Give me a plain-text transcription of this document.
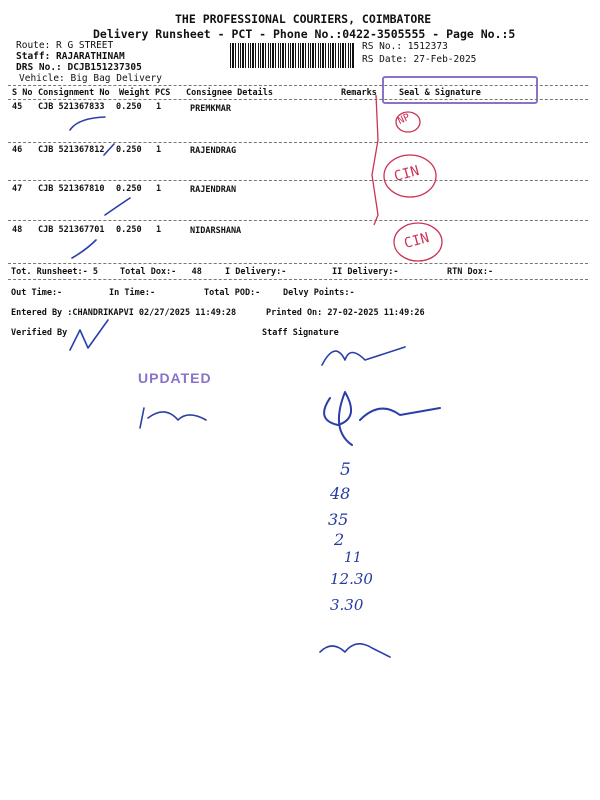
THE PROFESSIONAL COURIERS, COIMBATORE
Delivery Runsheet - PCT - Phone No.:0422-3505555 - Page No.:5
Route: R G STREET
Staff: RAJARATHINAM
DRS No.: DCJB151237305
Vehicle: Big Bag Delivery
RS No.: 1512373
RS Date: 27-Feb-2025
S No Consignment No Weight PCS Consignee Details	Remarks	Seal & Signature
45 CJB 521367833 0.250 1	PREMKMAR
46 CJB 521367812 0.250 1	RAJENDRAG
47 CJB 521367810 0.250 1	RAJENDRAN
48 CJB 521367701 0.250 1	NIDARSHANA
Tot. Runsheet:- 5	Total Dox:-   48	I Delivery:-	II Delivery:-	RTN Dox:-
Out Time:-	In Time:-	Total POD:-	Delvy Points:-
Entered By :CHANDRIKAPVI 02/27/2025 11:49:28	Printed On: 27-02-2025 11:49:26
Verified By	Staff Signature
NP
CIN
CIN
UPDATED
5
48
35
2
11
12.30
3.30
